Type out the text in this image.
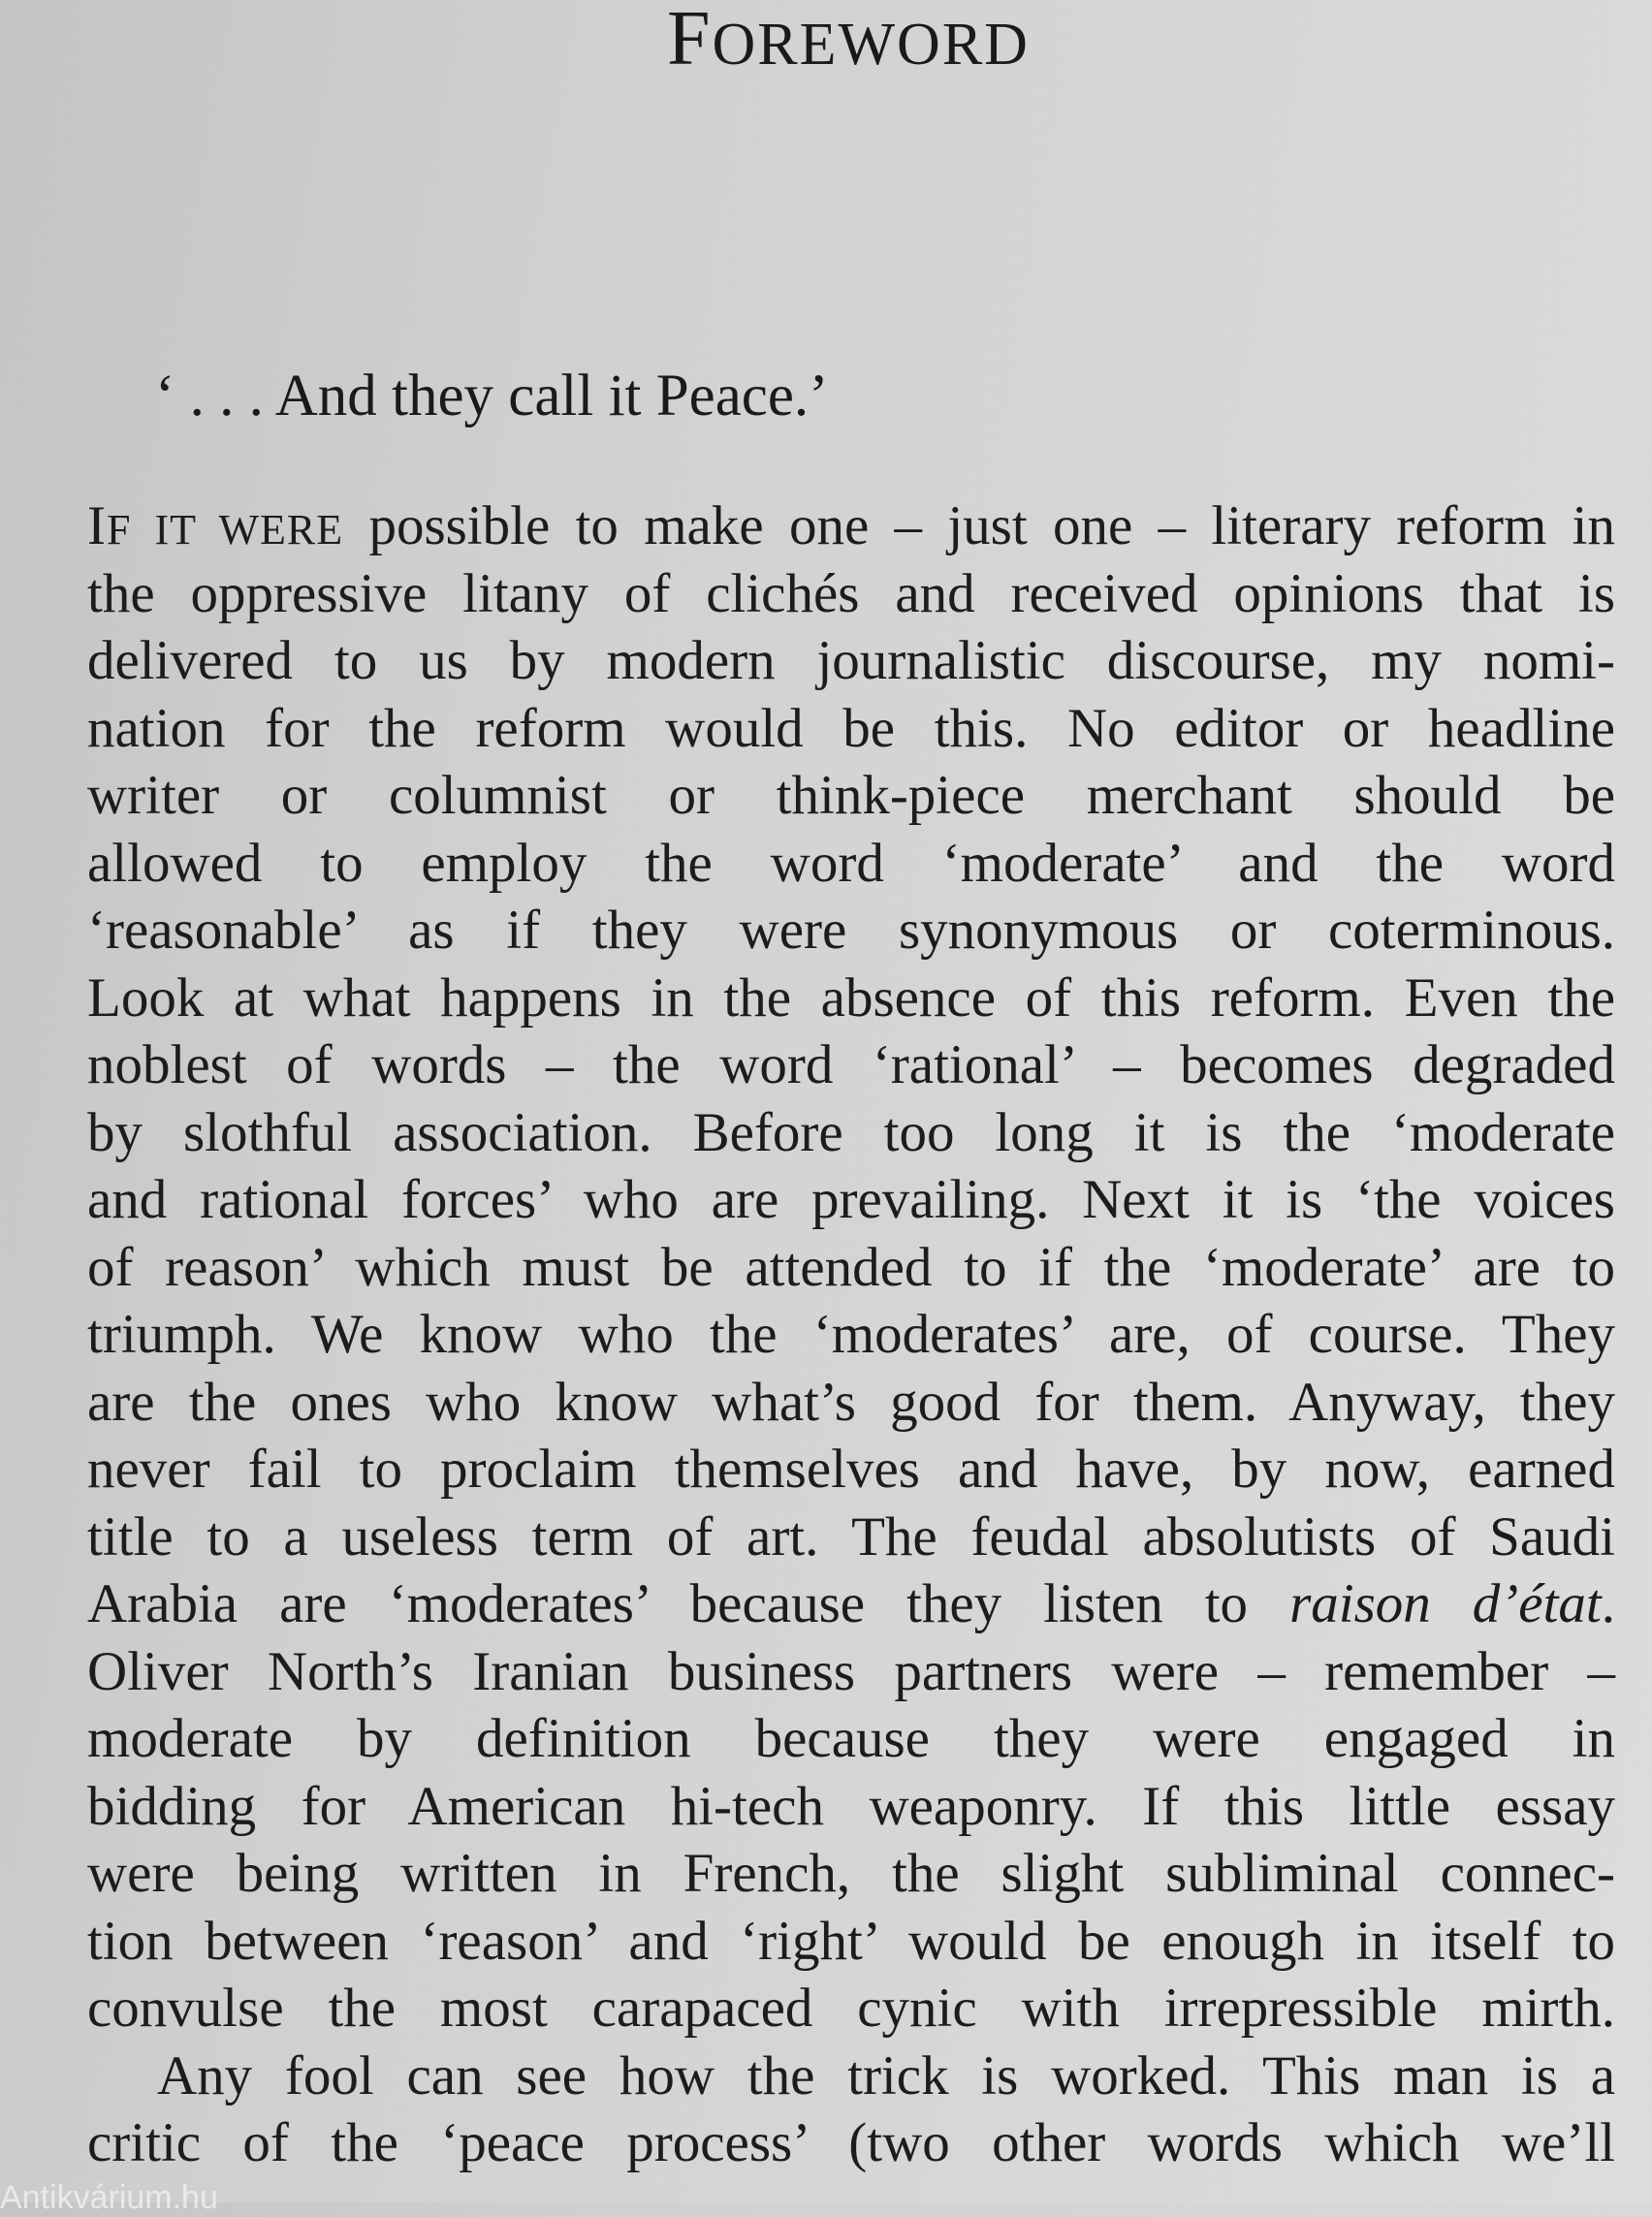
FOREWORD

‘ . . . And they call it Peace.’

IF IT WERE possible to make one – just one – literary reform in
the oppressive litany of clichés and received opinions that is
delivered to us by modern journalistic discourse, my nomi-
nation for the reform would be this. No editor or headline
writer or columnist or think-piece merchant should be
allowed to employ the word ‘moderate’ and the word
‘reasonable’ as if they were synonymous or coterminous.
Look at what happens in the absence of this reform. Even the
noblest of words – the word ‘rational’ – becomes degraded
by slothful association. Before too long it is the ‘moderate
and rational forces’ who are prevailing. Next it is ‘the voices
of reason’ which must be attended to if the ‘moderate’ are to
triumph. We know who the ‘moderates’ are, of course. They
are the ones who know what’s good for them. Anyway, they
never fail to proclaim themselves and have, by now, earned
title to a useless term of art. The feudal absolutists of Saudi
Arabia are ‘moderates’ because they listen to raison d’état.
Oliver North’s Iranian business partners were – remember –
moderate by definition because they were engaged in
bidding for American hi-tech weaponry. If this little essay
were being written in French, the slight subliminal connec-
tion between ‘reason’ and ‘right’ would be enough in itself to
convulse the most carapaced cynic with irrepressible mirth.
Any fool can see how the trick is worked. This man is a
critic of the ‘peace process’ (two other words which we’ll
Antikvárium.hu
